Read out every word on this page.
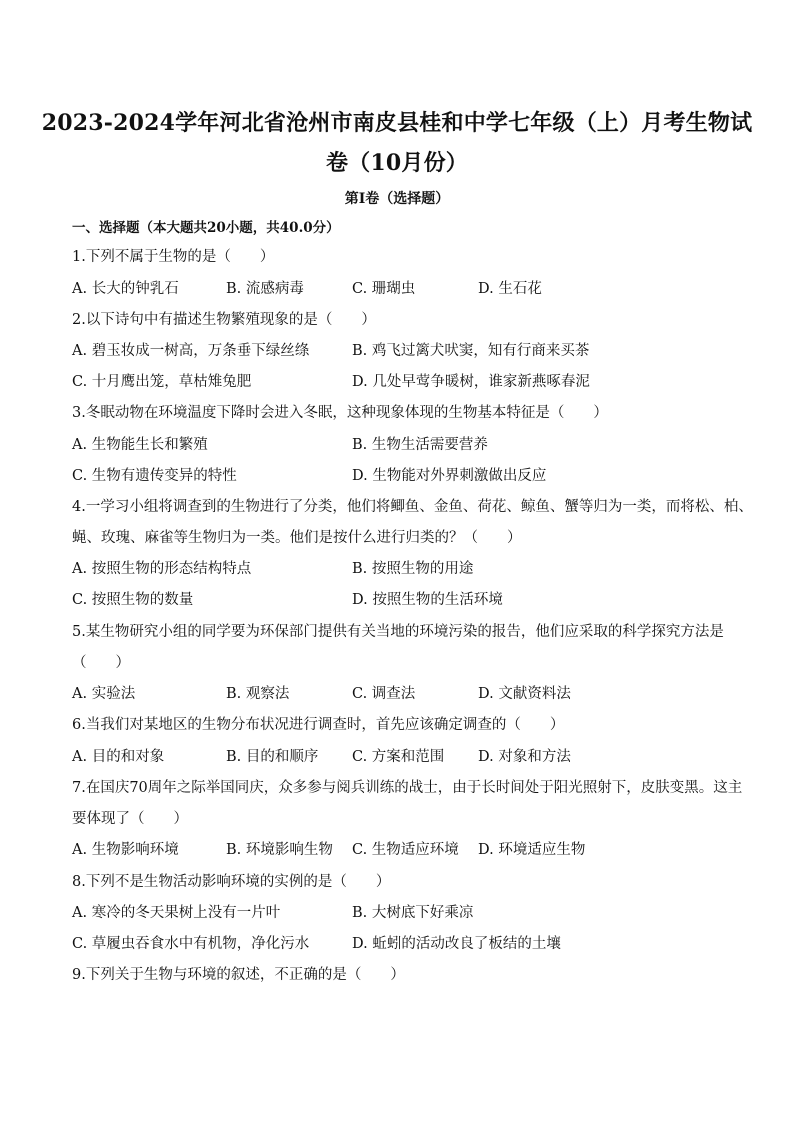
2023-2024学年河北省沧州市南皮县桂和中学七年级（上）月考生物试
卷（10月份）
第I卷（选择题）
一、选择题（本大题共20小题，共40.0分）
1.下列不属于生物的是（　　）
A. 长大的钟乳石	B. 流感病毒	C. 珊瑚虫	D. 生石花
2.以下诗句中有描述生物繁殖现象的是（　　）
A. 碧玉妆成一树高，万条垂下绿丝绦	B. 鸡飞过篱犬吠窦，知有行商来买茶
C. 十月鹰出笼，草枯雉兔肥	D. 几处早莺争暖树，谁家新燕啄春泥
3.冬眠动物在环境温度下降时会进入冬眠，这种现象体现的生物基本特征是（　　）
A. 生物能生长和繁殖	B. 生物生活需要营养
C. 生物有遗传变异的特性	D. 生物能对外界刺激做出反应
4.一学习小组将调查到的生物进行了分类，他们将鲫鱼、金鱼、荷花、鲸鱼、蟹等归为一类，而将松、柏、
蝇、玫瑰、麻雀等生物归为一类。他们是按什么进行归类的？（　　）
A. 按照生物的形态结构特点	B. 按照生物的用途
C. 按照生物的数量	D. 按照生物的生活环境
5.某生物研究小组的同学要为环保部门提供有关当地的环境污染的报告，他们应采取的科学探究方法是
（　　）
A. 实验法	B. 观察法	C. 调查法	D. 文献资料法
6.当我们对某地区的生物分布状况进行调查时，首先应该确定调查的（　　）
A. 目的和对象	B. 目的和顺序 C. 方案和范围 D. 对象和方法
7.在国庆70周年之际举国同庆，众多参与阅兵训练的战士，由于长时间处于阳光照射下，皮肤变黑。这主
要体现了（　　）
A. 生物影响环境	B. 环境影响生物 C. 生物适应环境 D. 环境适应生物
8.下列不是生物活动影响环境的实例的是（　　）
A. 寒冷的冬天果树上没有一片叶	B. 大树底下好乘凉
C. 草履虫吞食水中有机物，净化污水	D. 蚯蚓的活动改良了板结的土壤
9.下列关于生物与环境的叙述，不正确的是（　　）
